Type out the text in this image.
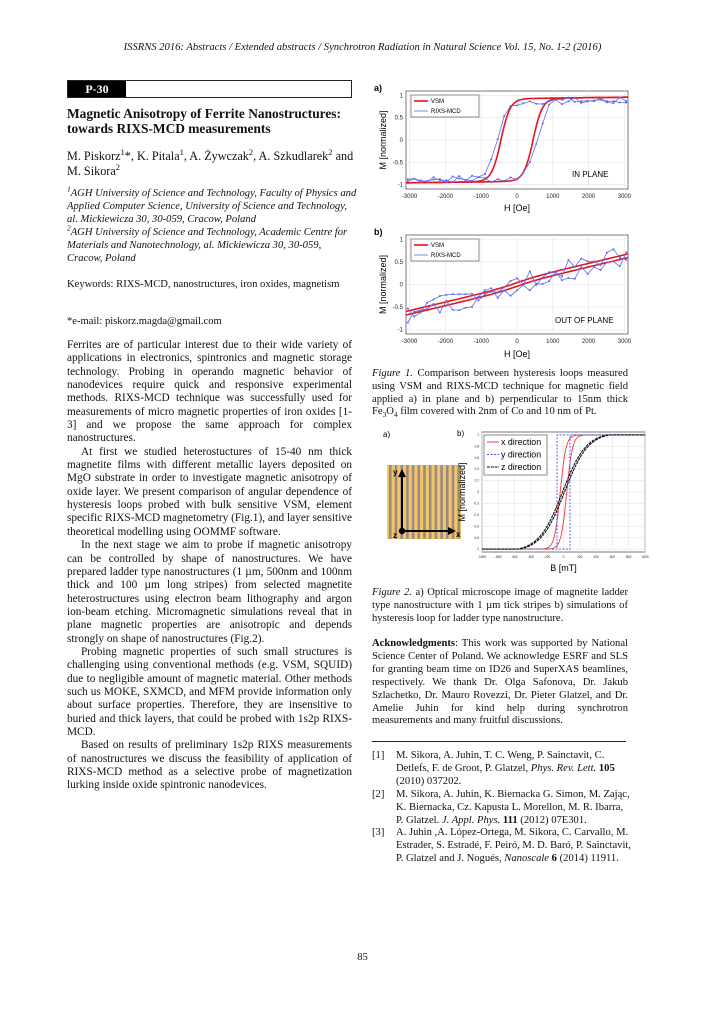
ISSRNS 2016: Abstracts / Extended abstracts / Synchrotron Radiation in Natural Science Vol. 15, No. 1-2 (2016)
P-30
Magnetic Anisotropy of Ferrite Nanostructures: towards RIXS-MCD measurements
M. Piskorz$^1$*, K. Pitala$^1$, A. Żywczak$^2$, A. Szkudlarek$^2$ and M. Sikora$^2$
$^1$AGH University of Science and Technology, Faculty of Physics and Applied Computer Science, University of Science and Technology, al. Mickiewicza 30, 30-059, Cracow, Poland
$^2$AGH University of Science and Technology, Academic Centre for Materials and Nanotechnology, al. Mickiewicza 30, 30-059, Cracow, Poland
Keywords: RIXS-MCD, nanostructures, iron oxides, magnetism
*e-mail: piskorz.magda@gmail.com

Ferrites are of particular interest due to their wide variety of applications in electronics, spintronics and magnetic storage technology. Probing in operando magnetic behavior of nanodevices require quick and responsive experimental methods. RIXS-MCD technique was successfully used for measurements of micro magnetic properties of iron oxides [1-3] and we propose the same approach for complex nanostructures.

At first we studied heterostuctures of 15-40 nm thick magnetite films with different metallic layers deposited on MgO substrate in order to investigate magnetic anisotropy of oxide layer. We present comparison of angular dependence of hysteresis loops probed with bulk sensitive VSM, element specific RIXS-MCD magnetometry (Fig.1), and layer sensitive theoretical modelling using OOMMF software.

In the next stage we aim to probe if magnetic anisotropy can be controlled by shape of nanostructures. We have prepared ladder type nanostructures (1 µm, 500nm and 100nm thick and 100 µm long stripes) from selected magnetite heterostructures using electron beam lithography and argon ion-beam etching. Micromagnetic simulations reveal that in plane magnetic properties are anisotropic and depends strongly on shape of nanostructures (Fig.2).

Probing magnetic properties of such small structures is challenging using conventional methods (e.g. VSM, SQUID) due to negligible amount of magnetic material. Other methods such us MOKE, SXMCD, and MFM provide information only about surface properties. Therefore, they are insensitive to buried and thick layers, that could be probed with 1s2p RIXS-MCD.

Based on results of preliminary 1s2p RIXS measurements of nanostructures we discuss the feasibility of application of RIXS-MCD method as a selective probe of magnetization lurking inside oxide spintronic nanodevices.

a)
-3000	-2000	-1000	0	1000	2000	3000
-1
-0.5
0
0.5
1
H [Oe]
M [normalized]
VSM
RIXS-MCD
IN PLANE
b)
-3000	-2000	-1000	0	1000	2000	3000
-1
-0.5
0
0.5
1
H [Oe]
M [normalized]
VSM
RIXS-MCD
OUT OF PLANE
Figure 1. Comparison between hysteresis loops measured using VSM and RIXS-MCD technique for magnetic field applied a) in plane and b) perpendicular to 15nm thick $Fe_3O_4$ film covered with 2nm of Co and 10 nm of Pt.
a)
y
x
z
b)
-1000	-800	-600	-400	-200	0	200	400	600	800	1000
-1
-0.8
-0.6
-0.4
-0.2
0
0.2
0.4
0.6
0.8
1
B [mT]
M [normalized]
x direction
y direction
z direction
Figure 2. a) Optical microscope image of magnetite ladder type nanostructure with 1 µm tick stripes b) simulations of hysteresis loop for ladder type nanostructure.
Acknowledgments: This work was supported by National Science Center of Poland. We acknowledge ESRF and SLS for granting beam time on ID26 and SuperXAS beamlines, respectively. We thank Dr. Olga Safonova, Dr. Jakub Szlachetko, Dr. Mauro Rovezzi, Dr. Pieter Glatzel, and Dr. Amelie Juhin for kind help during synchrotron measurements and many fruitful discussions.
[1]	M. Sikora, A. Juhin, T. C. Weng, P. Sainctavit, C. Detlefs, F. de Groot, P. Glatzel, Phys. Rev. Lett. 105 (2010) 037202.
[2]	M. Sikora, A. Juhin, K. Biernacka G. Simon, M. Zając, K. Biernacka, Cz. Kapusta L. Morellon, M. R. Ibarra, P. Glatzel. J. Appl. Phys. 111 (2012) 07E301.
[3]	A. Juhin ,A. López-Ortega, M. Sikora, C. Carvallo, M. Estrader, S. Estradé, F. Peiró, M. D. Baró, P. Sainctavit, P. Glatzel and J. Nogués, Nanoscale 6 (2014) 11911.
85
